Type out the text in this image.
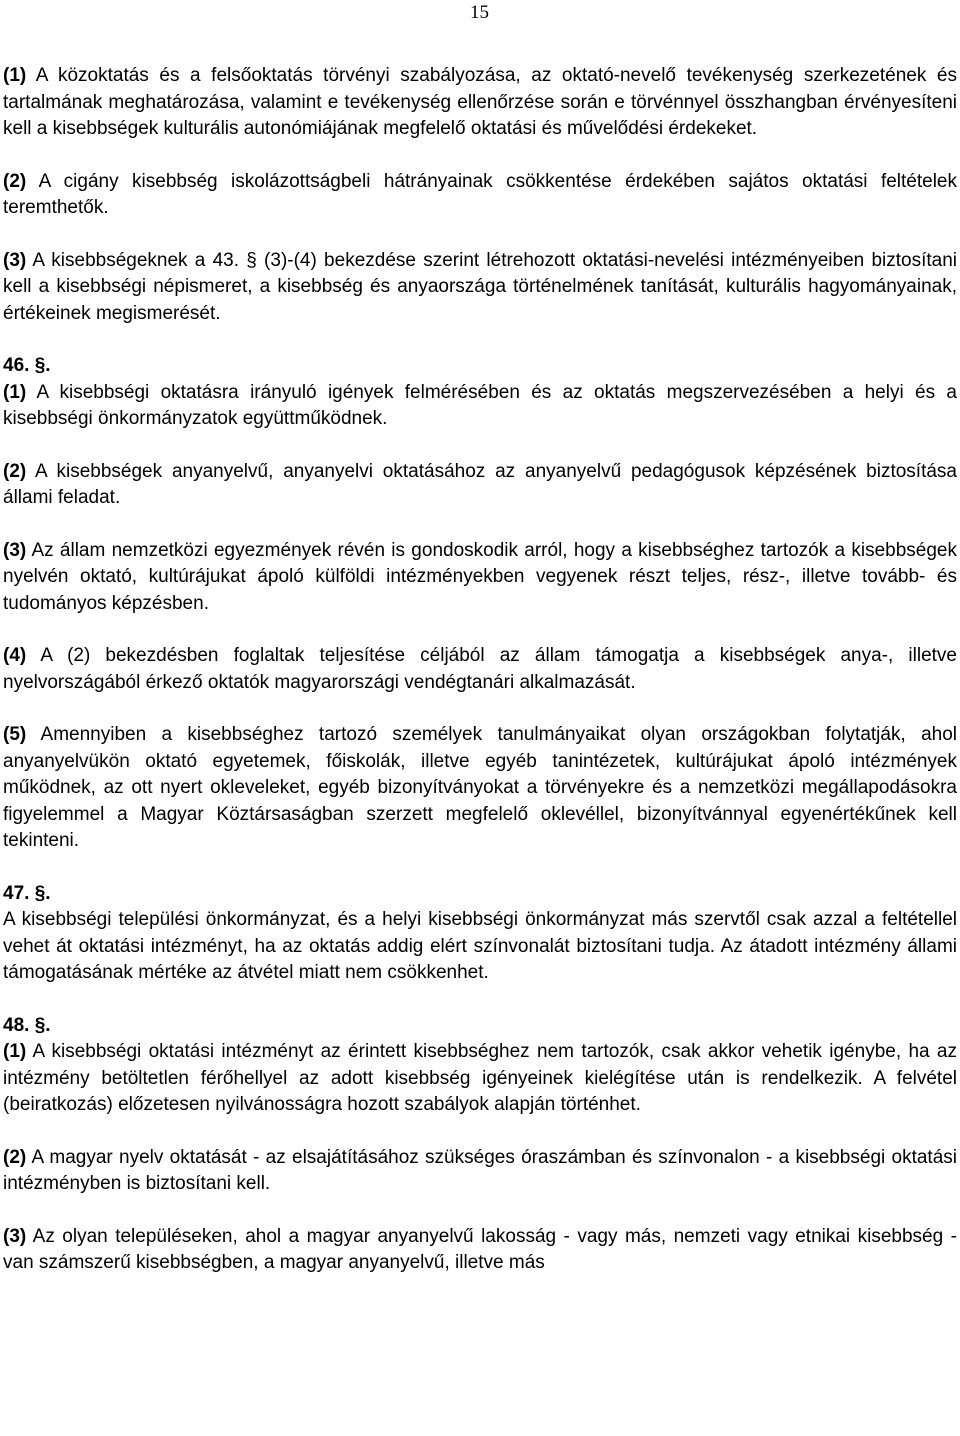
15

(1) A közoktatás és a felsőoktatás törvényi szabályozása, az oktató-nevelő tevékenység szerkezetének és tartalmának meghatározása, valamint e tevékenység ellenőrzése során e törvénnyel összhangban érvényesíteni kell a kisebbségek kulturális autonómiájának megfelelő oktatási és művelődési érdekeket.

(2) A cigány kisebbség iskolázottságbeli hátrányainak csökkentése érdekében sajátos oktatási feltételek teremthetők.

(3) A kisebbségeknek a 43. § (3)-(4) bekezdése szerint létrehozott oktatási-nevelési intézményeiben biztosítani kell a kisebbségi népismeret, a kisebbség és anyaországa történelmének tanítását, kulturális hagyományainak, értékeinek megismerését.

46. §.

(1) A kisebbségi oktatásra irányuló igények felmérésében és az oktatás megszervezésében a helyi és a kisebbségi önkormányzatok együttműködnek.

(2) A kisebbségek anyanyelvű, anyanyelvi oktatásához az anyanyelvű pedagógusok képzésének biztosítása állami feladat.

(3) Az állam nemzetközi egyezmények révén is gondoskodik arról, hogy a kisebbséghez tartozók a kisebbségek nyelvén oktató, kultúrájukat ápoló külföldi intézményekben vegyenek részt teljes, rész-, illetve tovább- és tudományos képzésben.

(4) A (2) bekezdésben foglaltak teljesítése céljából az állam támogatja a kisebbségek anya-, illetve nyelvországából érkező oktatók magyarországi vendégtanári alkalmazását.

(5) Amennyiben a kisebbséghez tartozó személyek tanulmányaikat olyan országokban folytatják, ahol anyanyelvükön oktató egyetemek, főiskolák, illetve egyéb tanintézetek, kultúrájukat ápoló intézmények működnek, az ott nyert okleveleket, egyéb bizonyítványokat a törvényekre és a nemzetközi megállapodásokra figyelemmel a Magyar Köztársaságban szerzett megfelelő oklevéllel, bizonyítvánnyal egyenértékűnek kell tekinteni.

47. §.

A kisebbségi települési önkormányzat, és a helyi kisebbségi önkormányzat más szervtől csak azzal a feltétellel vehet át oktatási intézményt, ha az oktatás addig elért színvonalát biztosítani tudja. Az átadott intézmény állami támogatásának mértéke az átvétel miatt nem csökkenhet.

48. §.

(1) A kisebbségi oktatási intézményt az érintett kisebbséghez nem tartozók, csak akkor vehetik igénybe, ha az intézmény betöltetlen férőhellyel az adott kisebbség igényeinek kielégítése után is rendelkezik. A felvétel (beiratkozás) előzetesen nyilvánosságra hozott szabályok alapján történhet.

(2) A magyar nyelv oktatását - az elsajátításához szükséges óraszámban és színvonalon - a kisebbségi oktatási intézményben is biztosítani kell.

(3) Az olyan településeken, ahol a magyar anyanyelvű lakosság - vagy más, nemzeti vagy etnikai kisebbség - van számszerű kisebbségben, a magyar anyanyelvű, illetve más
